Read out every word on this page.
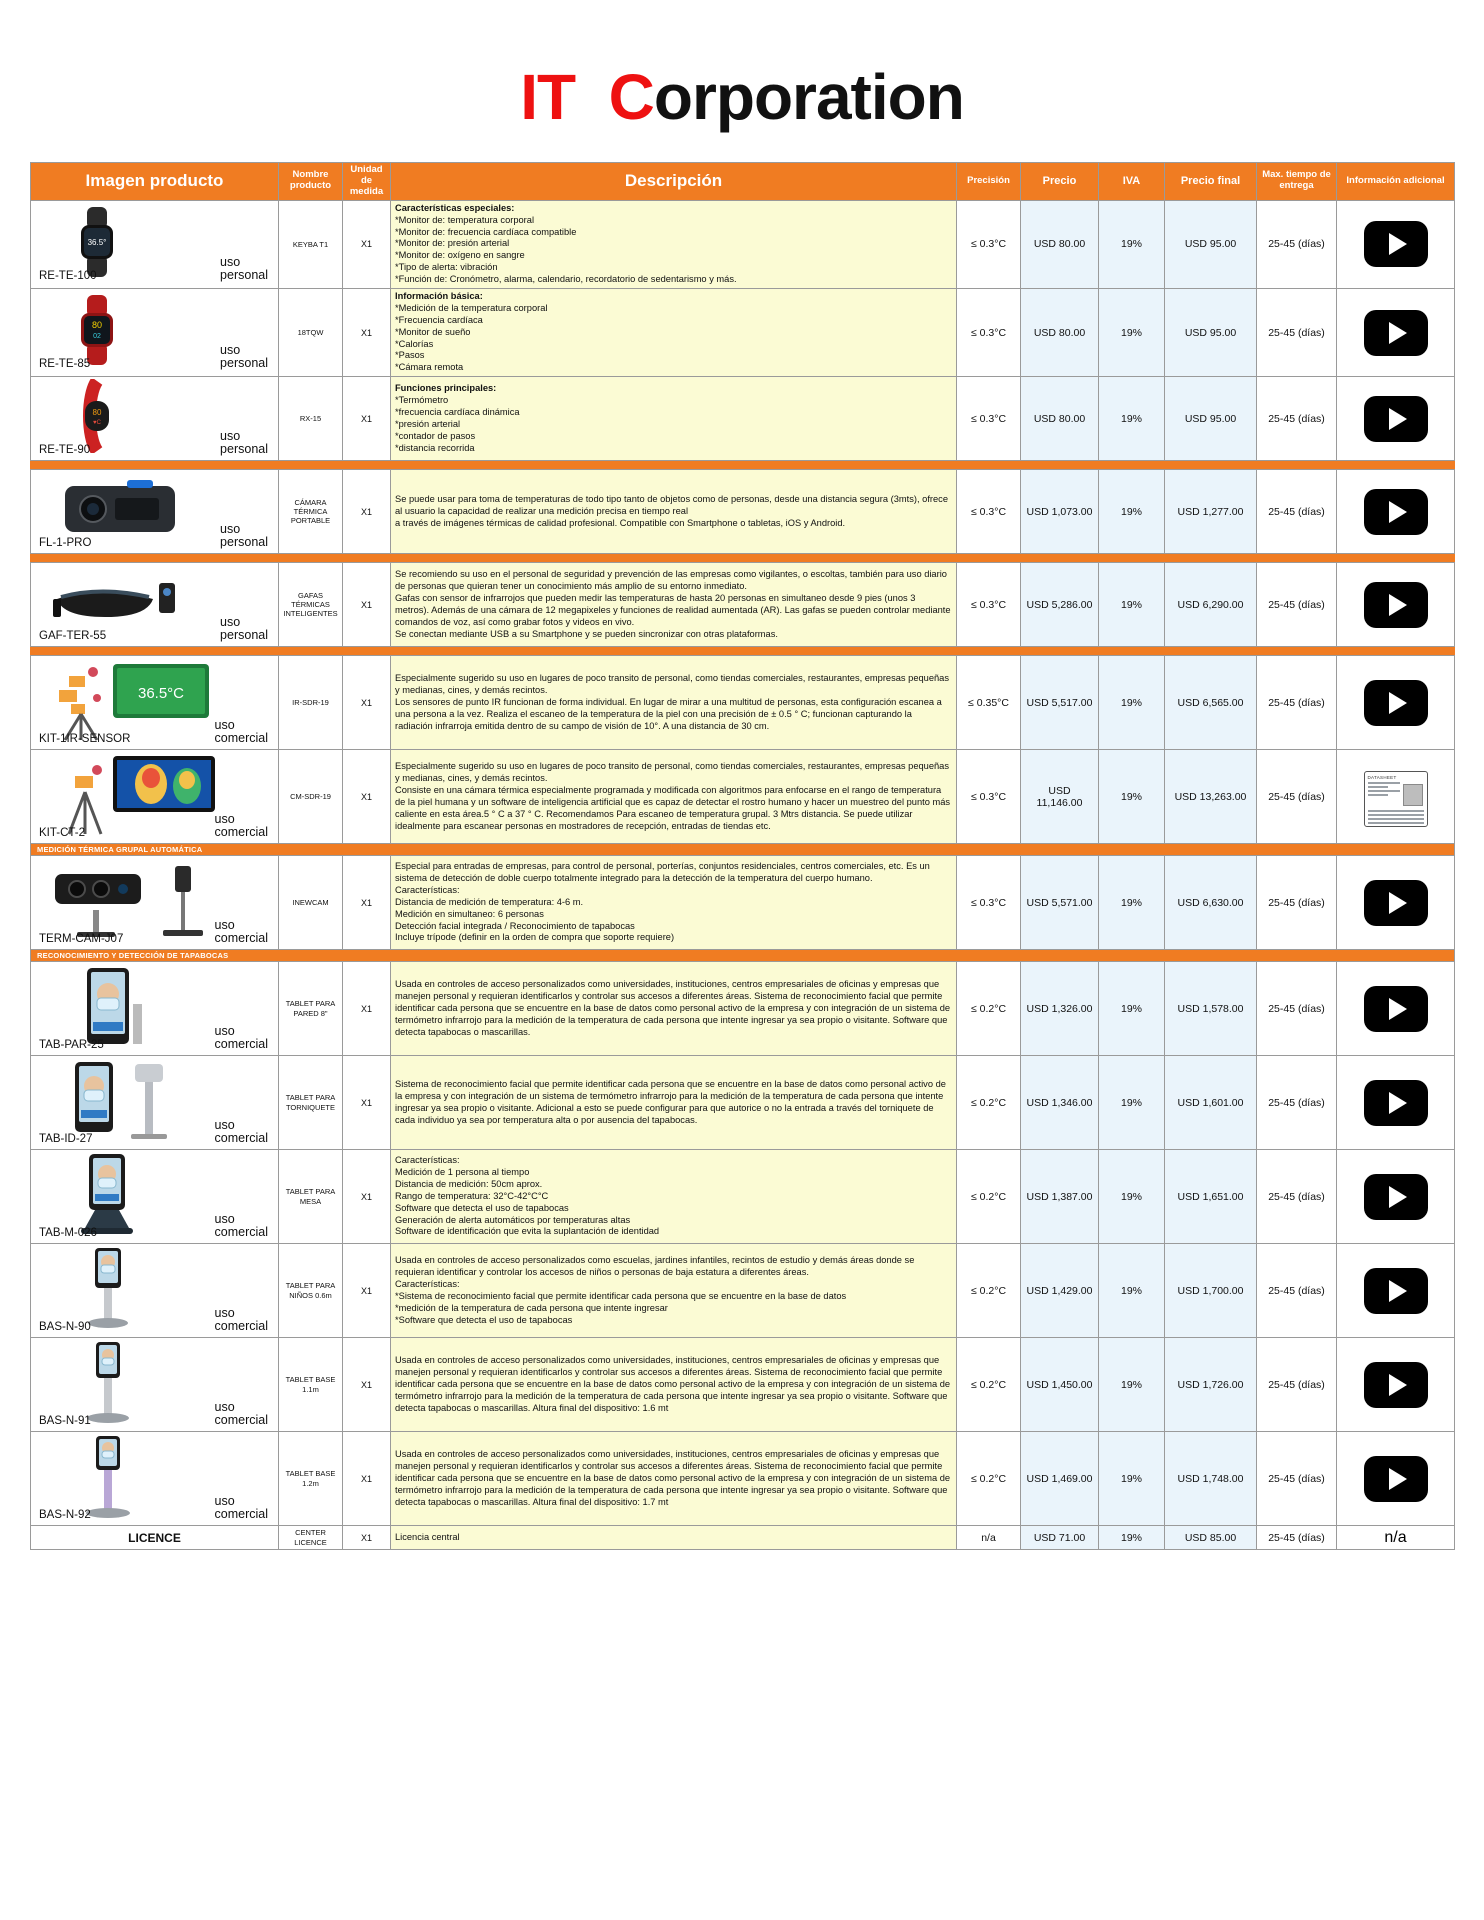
IT Corporation
Imagen producto	Nombre producto	Unidad de medida	Descripción	Precisión	Precio	IVA	Precio final	Max. tiempo de entrega	Información adicional

36.5°
RE-TE-100
uso
personal
	KEYBA T1	X1	Características especiales:
*Monitor de: temperatura corporal
*Monitor de: frecuencia cardíaca compatible
*Monitor de: presión arterial
*Monitor de: oxígeno en sangre
*Tipo de alerta: vibración
*Función de: Cronómetro, alarma, calendario, recordatorio de sedentarismo y más.	≤ 0.3°C	USD 80.00	19%	USD 95.00	25-45 (días)	

80
02
RE-TE-85
uso
personal
	18TQW	X1	Información básica:
*Medición de la temperatura corporal
*Frecuencia cardíaca
*Monitor de sueño
*Calorías
*Pasos
*Cámara remota	≤ 0.3°C	USD 80.00	19%	USD 95.00	25-45 (días)	

80
♥C
RE-TE-90
uso
personal
	RX-15	X1	Funciones principales:
*Termómetro
*frecuencia cardíaca dinámica
*presión arterial
*contador de pasos
*distancia recorrida	≤ 0.3°C	USD 80.00	19%	USD 95.00	25-45 (días)	

FL-1-PRO
uso
personal
	CÁMARA TÉRMICA PORTABLE	X1	Se puede usar para toma de temperaturas de todo tipo tanto de objetos como de personas, desde una distancia segura (3mts), ofrece al usuario la capacidad de realizar una medición precisa en tiempo real
a través de imágenes térmicas de calidad profesional. Compatible con Smartphone o tabletas, iOS y Android.	≤ 0.3°C	USD 1,073.00	19%	USD 1,277.00	25-45 (días)	

GAF-TER-55
uso
personal
	GAFAS TÉRMICAS INTELIGENTES	X1	Se recomiendo su uso en el personal de seguridad y prevención de las empresas como vigilantes, o escoltas, también para uso diario de personas que quieran tener un conocimiento más amplio de su entorno inmediato.
Gafas con sensor de infrarrojos que pueden medir las temperaturas de hasta 20 personas en simultaneo desde 9 pies (unos 3 metros). Además de una cámara de 12 megapixeles y funciones de realidad aumentada (AR). Las gafas se pueden controlar mediante comandos de voz, así como grabar fotos y videos en vivo.
Se conectan mediante USB a su Smartphone y se pueden sincronizar con otras plataformas.	≤ 0.3°C	USD 5,286.00	19%	USD 6,290.00	25-45 (días)	

36.5°C
KIT-1IR-SENSOR
uso
comercial
	IR-SDR-19	X1	Especialmente sugerido su uso en lugares de poco transito de personal, como tiendas comerciales, restaurantes, empresas pequeñas y medianas, cines, y demás recintos.
Los sensores de punto IR funcionan de forma individual. En lugar de mirar a una multitud de personas, esta configuración escanea a una persona a la vez. Realiza el escaneo de la temperatura de la piel con una precisión de ± 0.5 ° C; funcionan capturando la radiación infrarroja emitida dentro de su campo de visión de 10°. A una distancia de 30 cm.	≤ 0.35°C	USD 5,517.00	19%	USD 6,565.00	25-45 (días)	

KIT-CT-2
uso
comercial
	CM-SDR-19	X1	Especialmente sugerido su uso en lugares de poco transito de personal, como tiendas comerciales, restaurantes, empresas pequeñas y medianas, cines, y demás recintos.
Consiste en una cámara térmica especialmente programada y modificada con algoritmos para enfocarse en el rango de temperatura de la piel humana y un software de inteligencia artificial que es capaz de detectar el rostro humano y hacer un muestreo del punto más caliente en esta área.5 ° C a 37 ° C. Recomendamos Para escaneo de temperatura grupal. 3 Mtrs distancia. Se puede utilizar idealmente para escanear personas en mostradores de recepción, entradas de tiendas etc.	≤ 0.3°C	USD 11,146.00	19%	USD 13,263.00	25-45 (días)	
DATASHEET

MEDICIÓN TÉRMICA GRUPAL AUTOMÁTICA									

TERM-CAM-J07
uso
comercial
	INEWCAM	X1	Especial para entradas de empresas, para control de personal, porterías, conjuntos residenciales, centros comerciales, etc. Es un sistema de detección de doble cuerpo totalmente integrado para la detección de la temperatura del cuerpo humano.
Características:
Distancia de medición de temperatura: 4-6 m.
Medición en simultaneo: 6 personas
Detección facial integrada / Reconocimiento de tapabocas
Incluye trípode (definir en la orden de compra que soporte requiere)	≤ 0.3°C	USD 5,571.00	19%	USD 6,630.00	25-45 (días)	

RECONOCIMIENTO Y DETECCIÓN DE TAPABOCAS									

TAB-PAR-25
uso
comercial
	TABLET PARA PARED 8"	X1	Usada en controles de acceso personalizados como universidades, instituciones, centros empresariales de oficinas y empresas que manejen personal y requieran identificarlos y controlar sus accesos a diferentes áreas. Sistema de reconocimiento facial que permite identificar cada persona que se encuentre en la base de datos como personal activo de la empresa y con integración de un sistema de termómetro infrarrojo para la medición de la temperatura de cada persona que intente ingresar ya sea propio o visitante. Software que detecta tapabocas o mascarillas.	≤ 0.2°C	USD 1,326.00	19%	USD 1,578.00	25-45 (días)	

TAB-ID-27
uso
comercial
	TABLET PARA TORNIQUETE	X1	Sistema de reconocimiento facial que permite identificar cada persona que se encuentre en la base de datos como personal activo de la empresa y con integración de un sistema de termómetro infrarrojo para la medición de la temperatura de cada persona que intente ingresar ya sea propio o visitante. Adicional a esto se puede configurar para que autorice o no la entrada a través del torniquete de cada individuo ya sea por temperatura alta o por ausencia del tapabocas.	≤ 0.2°C	USD 1,346.00	19%	USD 1,601.00	25-45 (días)	

TAB-M-026
uso
comercial
	TABLET PARA MESA	X1	Características:
Medición de 1 persona al tiempo
Distancia de medición: 50cm aprox.
Rango de temperatura: 32°C-42°C°C
Software que detecta el uso de tapabocas
Generación de alerta automáticos por temperaturas altas
Software de identificación que evita la suplantación de identidad	≤ 0.2°C	USD 1,387.00	19%	USD 1,651.00	25-45 (días)	

BAS-N-90
uso
comercial
	TABLET PARA NIÑOS 0.6m	X1	Usada en controles de acceso personalizados como escuelas, jardines infantiles, recintos de estudio y demás áreas donde se requieran identificar y controlar los accesos de niños o personas de baja estatura a diferentes áreas.
Características:
*Sistema de reconocimiento facial que permite identificar cada persona que se encuentre en la base de datos
*medición de la temperatura de cada persona que intente ingresar
*Software que detecta el uso de tapabocas	≤ 0.2°C	USD 1,429.00	19%	USD 1,700.00	25-45 (días)	

BAS-N-91
uso
comercial
	TABLET BASE 1.1m	X1	Usada en controles de acceso personalizados como universidades, instituciones, centros empresariales de oficinas y empresas que manejen personal y requieran identificarlos y controlar sus accesos a diferentes áreas. Sistema de reconocimiento facial que permite identificar cada persona que se encuentre en la base de datos como personal activo de la empresa y con integración de un sistema de termómetro infrarrojo para la medición de la temperatura de cada persona que intente ingresar ya sea propio o visitante. Software que detecta tapabocas o mascarillas. Altura final del dispositivo: 1.6 mt	≤ 0.2°C	USD 1,450.00	19%	USD 1,726.00	25-45 (días)	

BAS-N-92
uso
comercial
	TABLET BASE 1.2m	X1	Usada en controles de acceso personalizados como universidades, instituciones, centros empresariales de oficinas y empresas que manejen personal y requieran identificarlos y controlar sus accesos a diferentes áreas. Sistema de reconocimiento facial que permite identificar cada persona que se encuentre en la base de datos como personal activo de la empresa y con integración de un sistema de termómetro infrarrojo para la medición de la temperatura de cada persona que intente ingresar ya sea propio o visitante. Software que detecta tapabocas o mascarillas. Altura final del dispositivo: 1.7 mt	≤ 0.2°C	USD 1,469.00	19%	USD 1,748.00	25-45 (días)	

LICENCE	CENTER LICENCE	X1	Licencia central	n/a	USD 71.00	19%	USD 85.00	25-45 (días)	n/a
